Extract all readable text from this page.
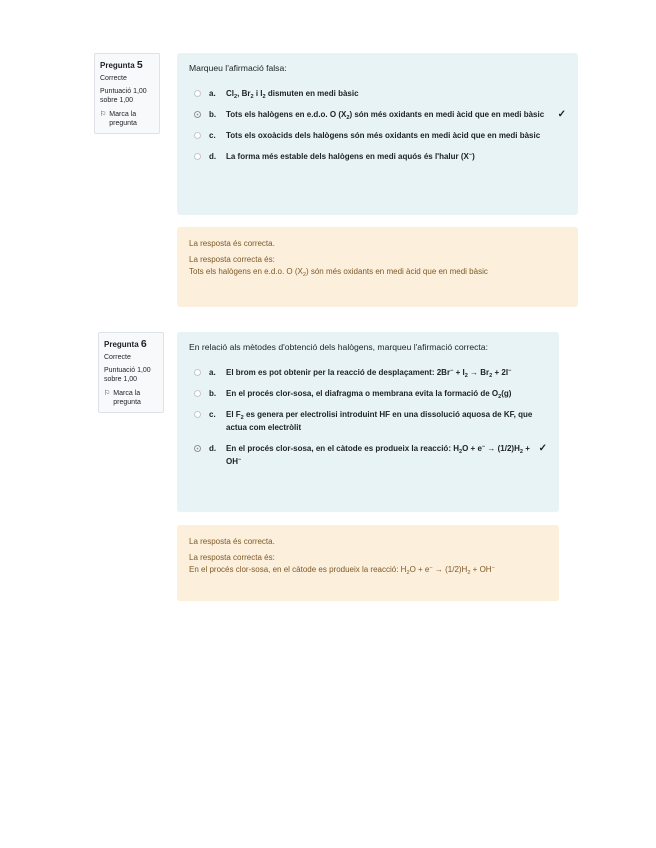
Pregunta 5
Correcte
Puntuació 1,00 sobre 1,00
⚐ Marca la pregunta
Marqueu l'afirmació falsa:
a.	$Cl_2$, $Br_2$ i $I_2$ dismuten en medi bàsic
b.	Tots els halògens en e.d.o. O $(X_2)$ són més oxidants en medi àcid que en medi bàsic	✓
c.	Tots els oxoàcids dels halògens són més oxidants en medi àcid que en medi bàsic
d.	La forma més estable dels halògens en medi aquós és l'halur (X−)
La resposta és correcta.
La resposta correcta és:
Tots els halògens en e.d.o. O $(X_2)$ són més oxidants en medi àcid que en medi bàsic
Pregunta 6
Correcte
Puntuació 1,00 sobre 1,00
⚐ Marca la pregunta
En relació als mètodes d'obtenció dels halògens, marqueu l'afirmació correcta:
a.	El brom es pot obtenir per la reacció de desplaçament: $2Br^- + I_2 \to Br_2 + 2I^-$
b.	En el procés clor-sosa, el diafragma o membrana evita la formació de $O_2(g)$
c.	El $F_2$ es genera per electrolisi introduint HF en una dissolució aquosa de KF, que actua com electròlit
d.	En el procés clor-sosa, en el càtode es produeix la reacció: $H_2O + e^- \to (1/2)H_2 + OH^-$
✓
La resposta és correcta.
La resposta correcta és:
En el procés clor-sosa, en el càtode es produeix la reacció: $H_2O + e^- \to (1/2)H_2 + OH^-$
